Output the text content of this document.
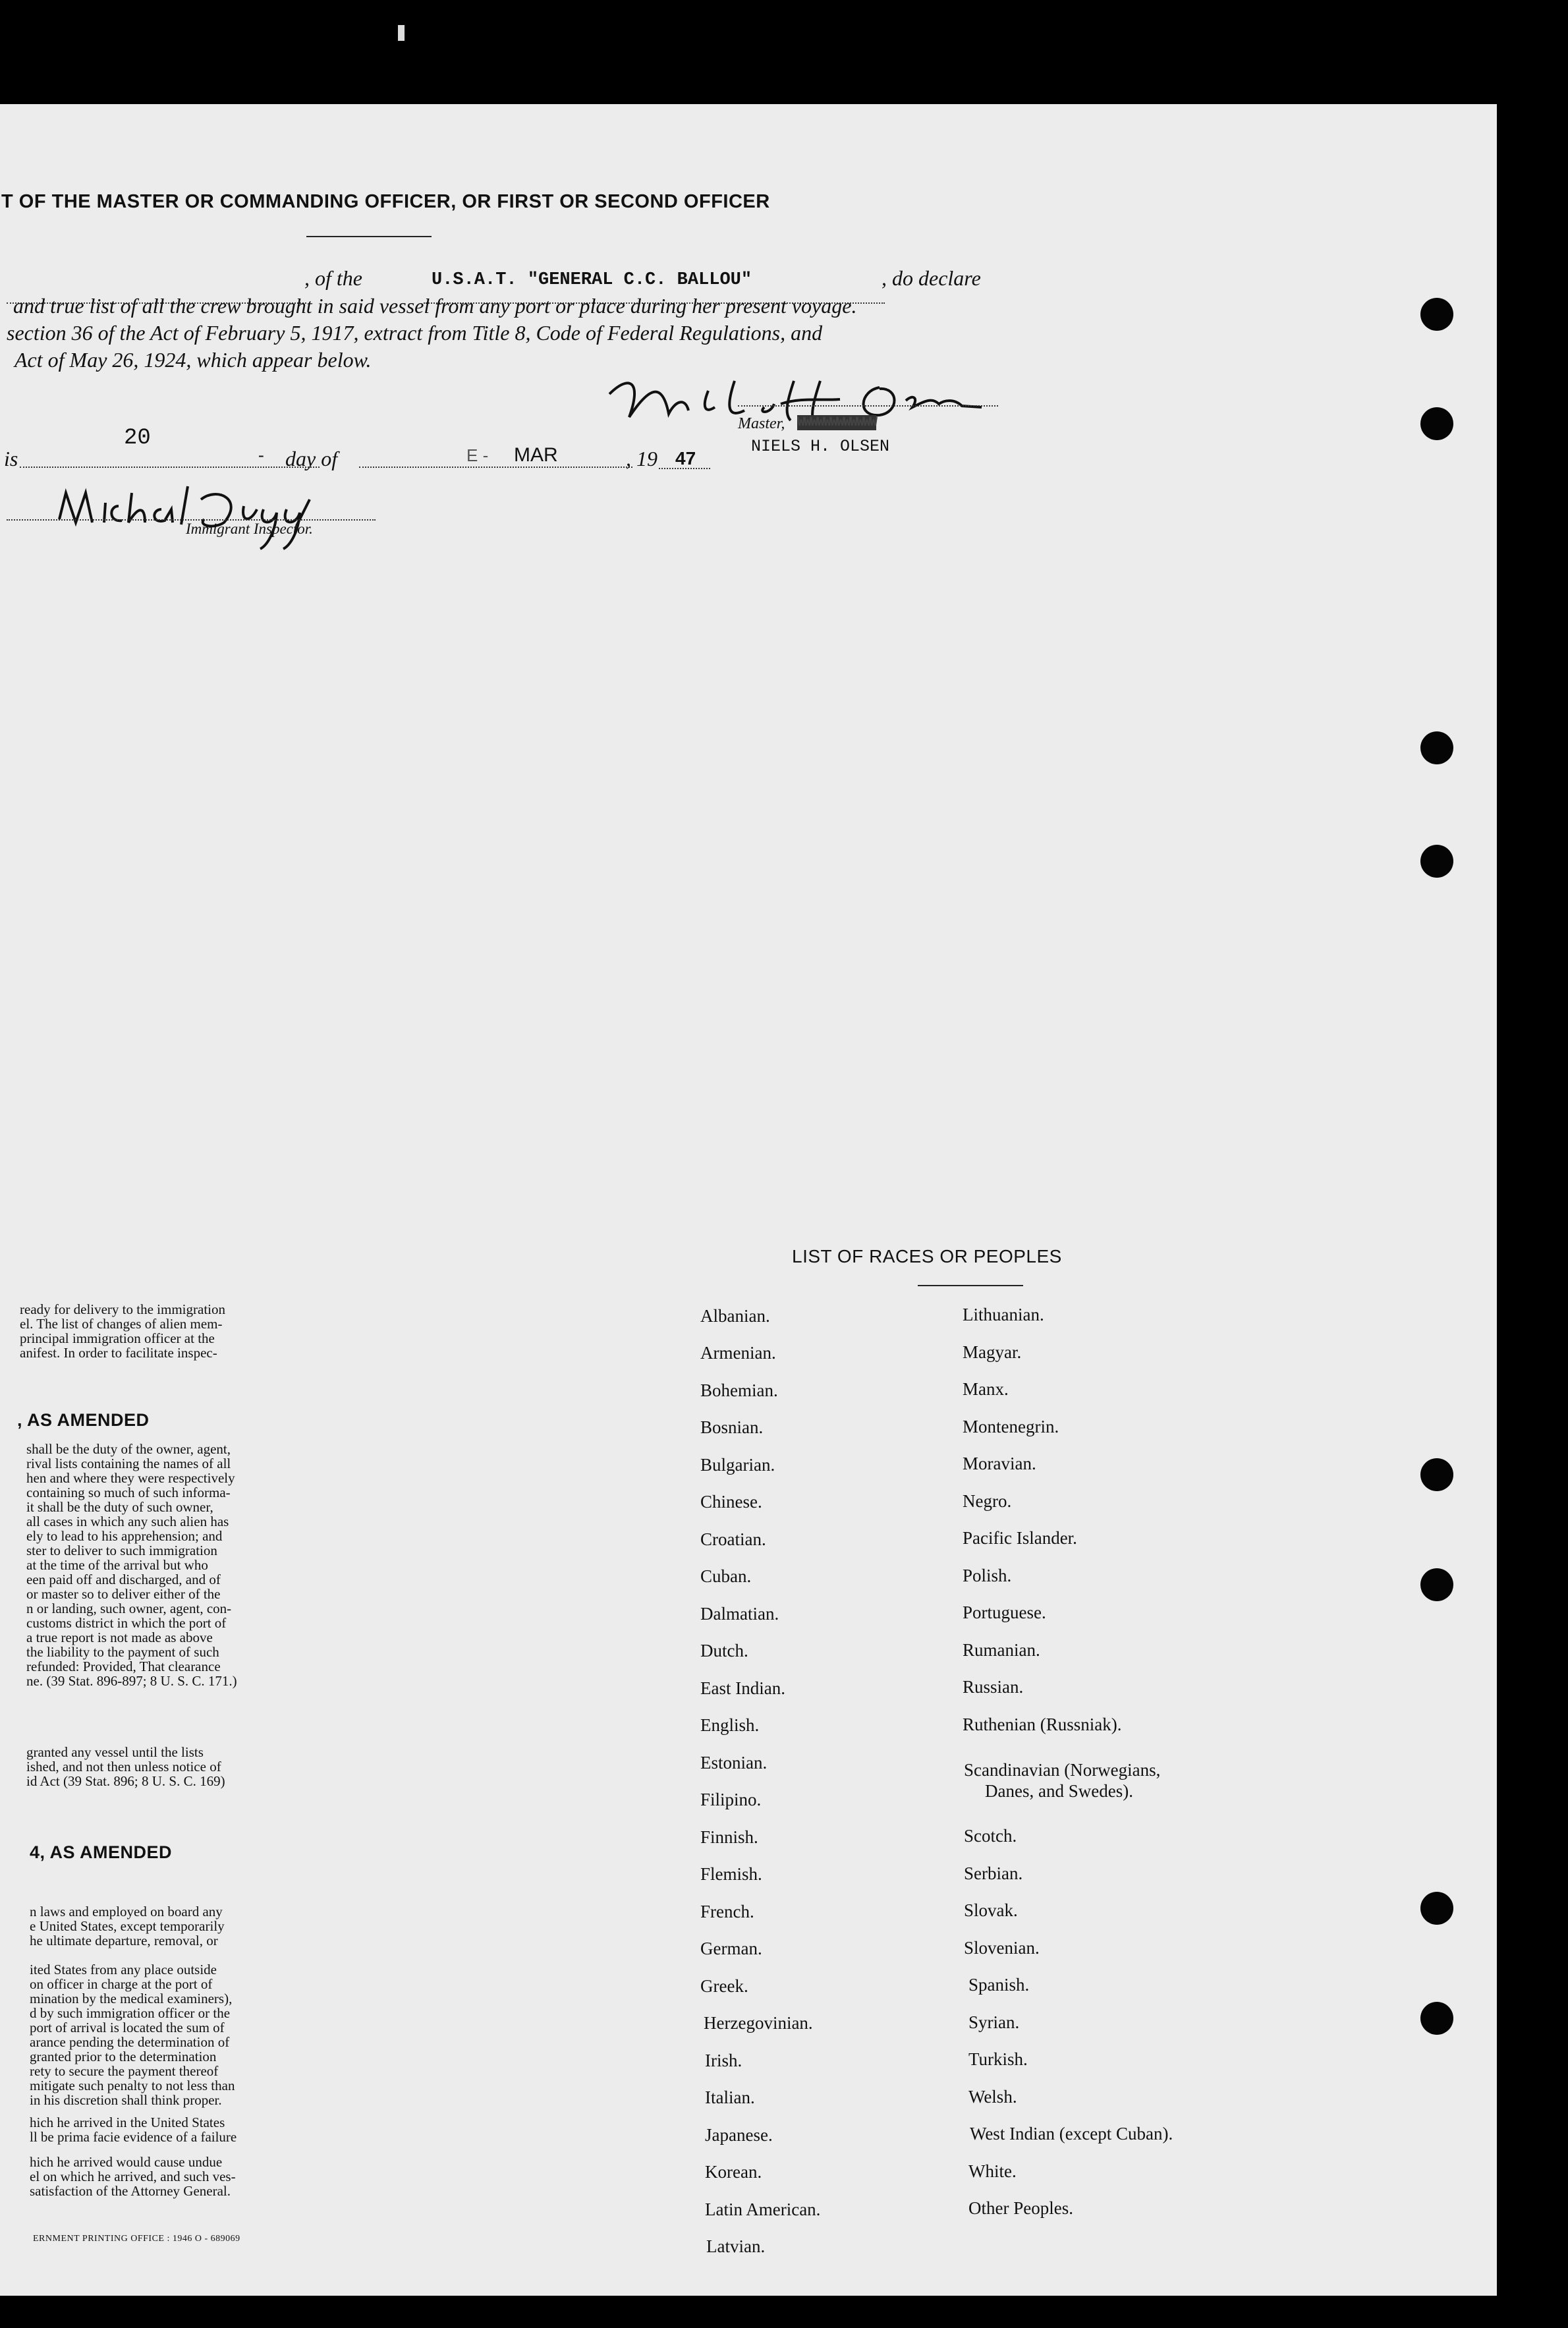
T OF THE MASTER OR COMMANDING OFFICER, OR FIRST OR SECOND OFFICER
, of the	U.S.A.T. "GENERAL C.C. BALLOU"	, do declare
and true list of all the crew brought in said vessel from any port or place during her present voyage.
section 36 of the Act of February 5, 1917, extract from Title 8, Code of Federal Regulations, and
Act of May 26, 1924, which appear below.
Master, WWWWWWWWWWWW
NIELS H. OLSEN
is
20
- day of	E - MAR	, 19 47
Immigrant Inspector.
LIST OF RACES OR PEOPLES
Albanian.
Armenian.
Bohemian.
Bosnian.
Bulgarian.
Chinese.
Croatian.
Cuban.
Dalmatian.
Dutch.
East Indian.
English.
Estonian.
Filipino.
Finnish.
Flemish.
French.
German.
Greek.
Herzegovinian.
Irish.
Italian.
Japanese.
Korean.
Latin American.
Latvian.
Lithuanian.
Magyar.
Manx.
Montenegrin.
Moravian.
Negro.
Pacific Islander.
Polish.
Portuguese.
Rumanian.
Russian.
Ruthenian (Russniak).
Scandinavian (Norwegians,
Danes, and Swedes).
Scotch.
Serbian.
Slovak.
Slovenian.
Spanish.
Syrian.
Turkish.
Welsh.
West Indian (except Cuban).
White.
Other Peoples.
ready for delivery to the immigration
el. The list of changes of alien mem-
principal immigration officer at the
anifest. In order to facilitate inspec-
, AS AMENDED
shall be the duty of the owner, agent,
rival lists containing the names of all
hen and where they were respectively
containing so much of such informa-
it shall be the duty of such owner,
all cases in which any such alien has
ely to lead to his apprehension; and
ster to deliver to such immigration
at the time of the arrival but who
een paid off and discharged, and of
or master so to deliver either of the
n or landing, such owner, agent, con-
customs district in which the port of
a true report is not made as above
the liability to the payment of such
refunded: Provided, That clearance
ne. (39 Stat. 896-897; 8 U. S. C. 171.)
granted any vessel until the lists
ished, and not then unless notice of
id Act (39 Stat. 896; 8 U. S. C. 169)
4, AS AMENDED
n laws and employed on board any
e United States, except temporarily
he ultimate departure, removal, or
ited States from any place outside
on officer in charge at the port of
mination by the medical examiners),
d by such immigration officer or the
port of arrival is located the sum of
arance pending the determination of
granted prior to the determination
rety to secure the payment thereof
mitigate such penalty to not less than
in his discretion shall think proper.
hich he arrived in the United States
ll be prima facie evidence of a failure
hich he arrived would cause undue
el on which he arrived, and such ves-
satisfaction of the Attorney General.
ERNMENT PRINTING OFFICE : 1946 O - 689069
